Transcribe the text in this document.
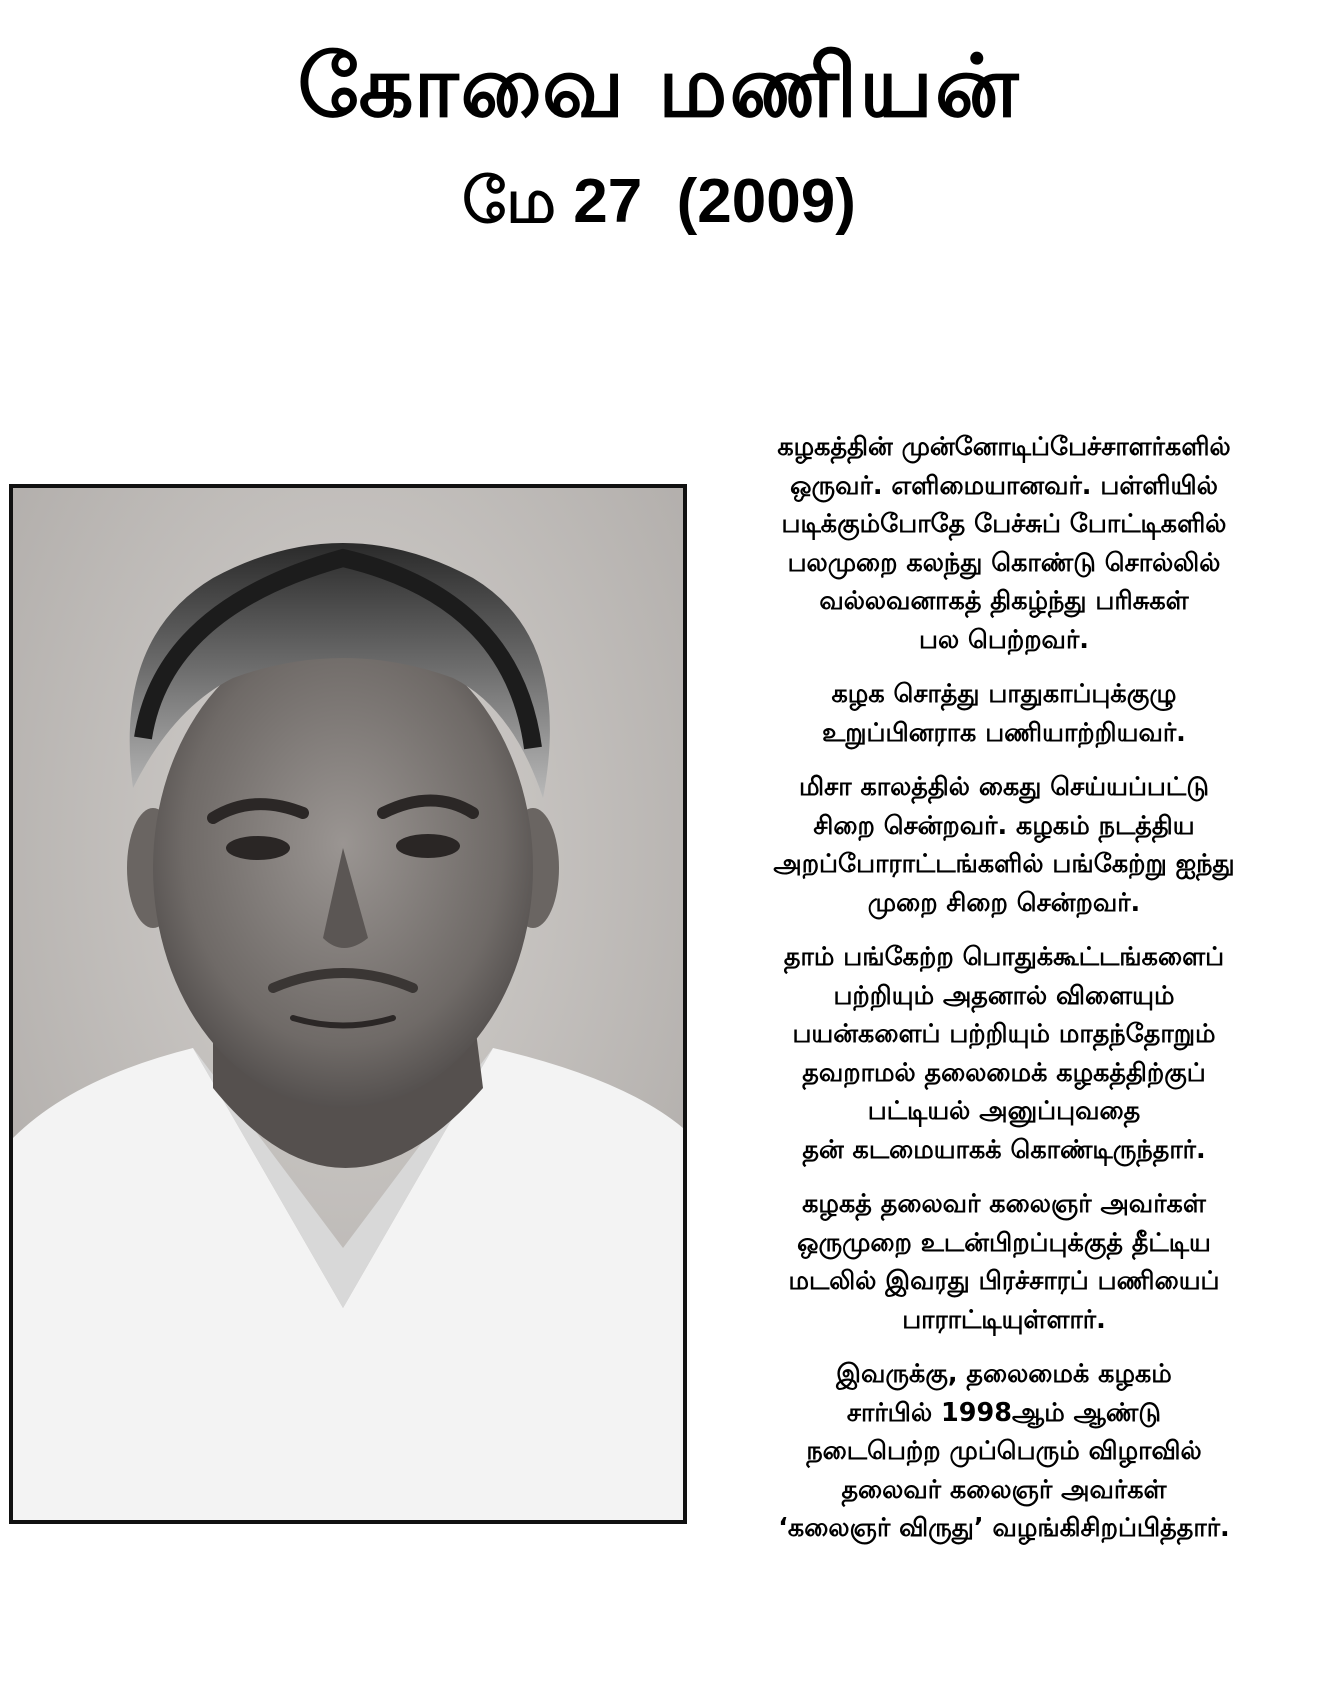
கோவை மணியன்
மே 27  (2009)
கழகத்தின் முன்னோடிப்பேச்சாளர்களில்
ஒருவர். எளிமையானவர். பள்ளியில்
படிக்கும்போதே பேச்சுப் போட்டிகளில்
பலமுறை கலந்து கொண்டு சொல்லில்
வல்லவனாகத் திகழ்ந்து பரிசுகள்
பல பெற்றவர்.
கழக சொத்து பாதுகாப்புக்குழு
உறுப்பினராக பணியாற்றியவர்.
மிசா காலத்தில் கைது செய்யப்பட்டு
சிறை சென்றவர். கழகம் நடத்திய
அறப்போராட்டங்களில் பங்கேற்று ஐந்து
முறை சிறை சென்றவர்.
தாம் பங்கேற்ற பொதுக்கூட்டங்களைப்
பற்றியும் அதனால் விளையும்
பயன்களைப் பற்றியும் மாதந்தோறும்
தவறாமல் தலைமைக் கழகத்திற்குப்
பட்டியல் அனுப்புவதை
தன் கடமையாகக் கொண்டிருந்தார்.
கழகத் தலைவர் கலைஞர் அவர்கள்
ஒருமுறை உடன்பிறப்புக்குத் தீட்டிய
மடலில் இவரது பிரச்சாரப் பணியைப்
பாராட்டியுள்ளார்.
இவருக்கு, தலைமைக் கழகம்
சார்பில் 1998ஆம் ஆண்டு
நடைபெற்ற முப்பெரும் விழாவில்
தலைவர் கலைஞர் அவர்கள்
‘கலைஞர் விருது’ வழங்கிசிறப்பித்தார்.
